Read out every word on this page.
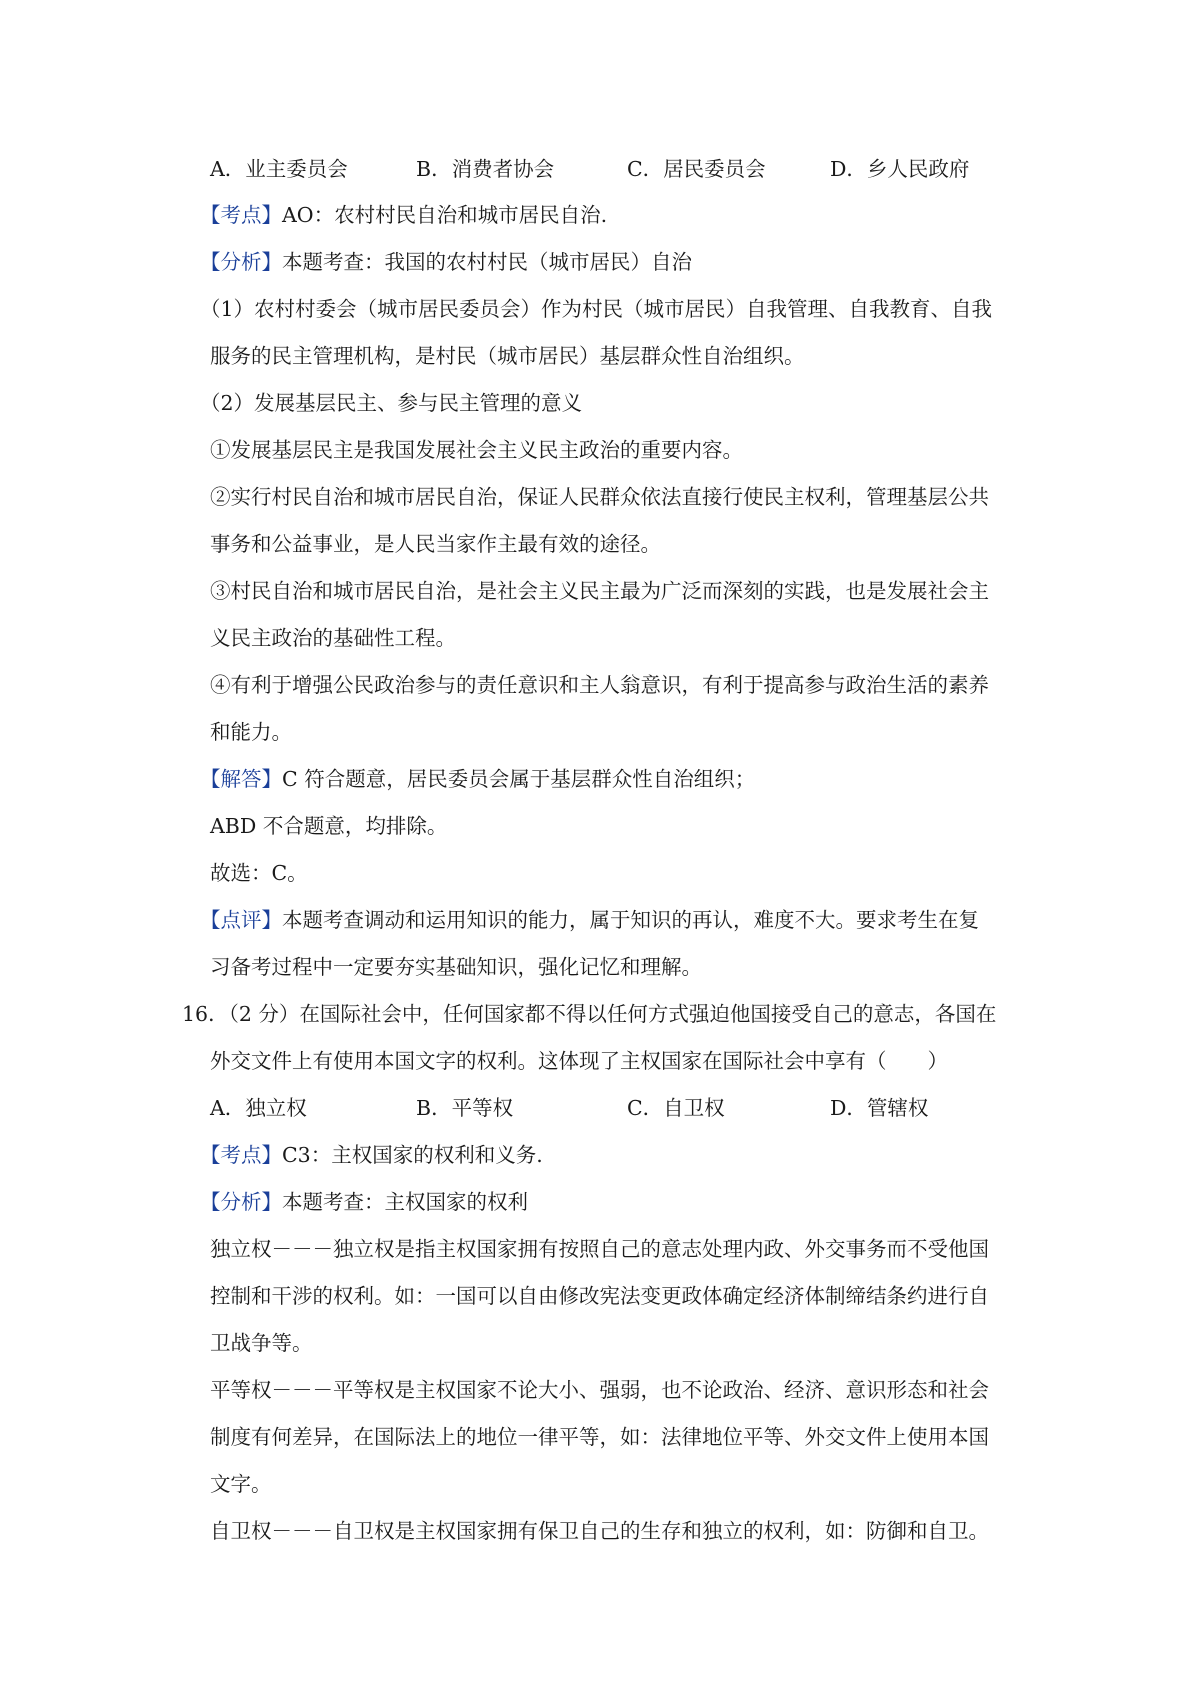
A．业主委员会	B．消费者协会	C．居民委员会	D．乡人民政府
【考点】AO：农村村民自治和城市居民自治.
【分析】本题考查：我国的农村村民（城市居民）自治
（1）农村村委会（城市居民委员会）作为村民（城市居民）自我管理、自我教育、自我
服务的民主管理机构，是村民（城市居民）基层群众性自治组织。
（2）发展基层民主、参与民主管理的意义
①发展基层民主是我国发展社会主义民主政治的重要内容。
②实行村民自治和城市居民自治，保证人民群众依法直接行使民主权利，管理基层公共
事务和公益事业，是人民当家作主最有效的途径。
③村民自治和城市居民自治，是社会主义民主最为广泛而深刻的实践，也是发展社会主
义民主政治的基础性工程。
④有利于增强公民政治参与的责任意识和主人翁意识，有利于提高参与政治生活的素养
和能力。
【解答】C 符合题意，居民委员会属于基层群众性自治组织；
ABD 不合题意，均排除。
故选：C。
【点评】本题考查调动和运用知识的能力，属于知识的再认，难度不大。要求考生在复
习备考过程中一定要夯实基础知识，强化记忆和理解。
16．（2 分）在国际社会中，任何国家都不得以任何方式强迫他国接受自己的意志，各国在
外交文件上有使用本国文字的权利。这体现了主权国家在国际社会中享有（　　）
A．独立权	B．平等权	C．自卫权	D．管辖权
【考点】C3：主权国家的权利和义务.
【分析】本题考查：主权国家的权利
独立权－－－独立权是指主权国家拥有按照自己的意志处理内政、外交事务而不受他国
控制和干涉的权利。如：一国可以自由修改宪法变更政体确定经济体制缔结条约进行自
卫战争等。
平等权－－－平等权是主权国家不论大小、强弱，也不论政治、经济、意识形态和社会
制度有何差异，在国际法上的地位一律平等，如：法律地位平等、外交文件上使用本国
文字。
自卫权－－－自卫权是主权国家拥有保卫自己的生存和独立的权利，如：防御和自卫。
